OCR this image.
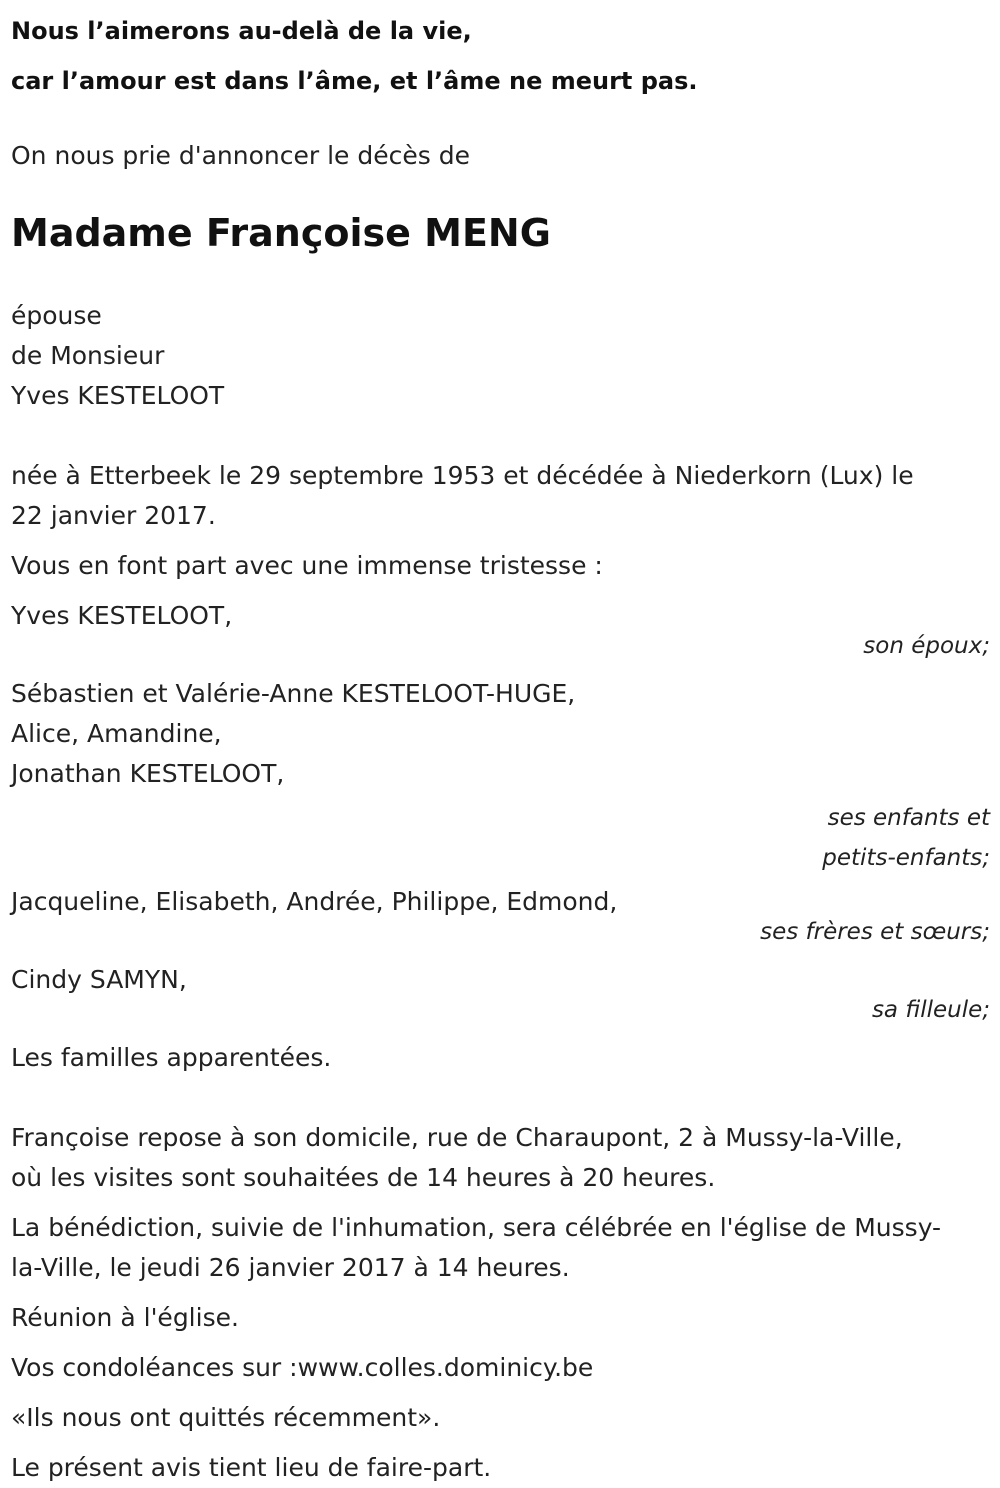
Nous l’aimerons au-delà de la vie,

car l’amour est dans l’âme, et l’âme ne meurt pas.

On nous prie d'annoncer le décès de

Madame Françoise MENG

épouse

de Monsieur

Yves KESTELOOT

née à Etterbeek le 29 septembre 1953 et décédée à Niederkorn (Lux) le

22 janvier 2017.

Vous en font part avec une immense tristesse :

Yves KESTELOOT,

son époux;

Sébastien et Valérie-Anne KESTELOOT-HUGE,

Alice, Amandine,

Jonathan KESTELOOT,

ses enfants et

petits-enfants;

Jacqueline, Elisabeth, Andrée, Philippe, Edmond,

ses frères et sœurs;

Cindy SAMYN,

sa filleule;

Les familles apparentées.

Françoise repose à son domicile, rue de Charaupont, 2 à Mussy-la-Ville,

où les visites sont souhaitées de 14 heures à 20 heures.

La bénédiction, suivie de l'inhumation, sera célébrée en l'église de Mussy-

la-Ville, le jeudi 26 janvier 2017 à 14 heures.

Réunion à l'église.

Vos condoléances sur :www.colles.dominicy.be

«Ils nous ont quittés récemment».

Le présent avis tient lieu de faire-part.
